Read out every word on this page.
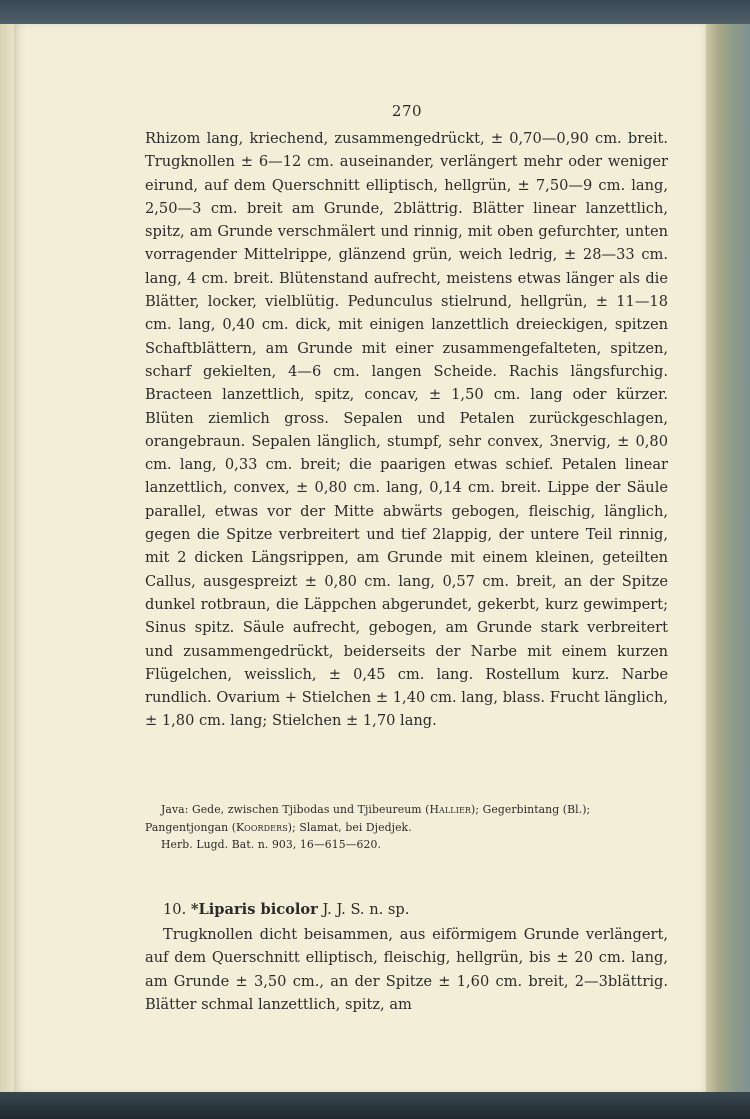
270

Rhizom lang, kriechend, zusammengedrückt, ± 0,70—0,90 cm. breit. Trugknollen ± 6—12 cm. auseinander, verlängert mehr oder weniger eirund, auf dem Querschnitt elliptisch, hellgrün, ± 7,50—9 cm. lang, 2,50—3 cm. breit am Grunde, 2blättrig. Blätter linear lanzettlich, spitz, am Grunde verschmälert und rinnig, mit oben gefurchter, unten vorragender Mittelrippe, glänzend grün, weich ledrig, ± 28—33 cm. lang, 4 cm. breit. Blütenstand aufrecht, meistens etwas länger als die Blätter, locker, vielblütig. Pedunculus stielrund, hellgrün, ± 11—18 cm. lang, 0,40 cm. dick, mit einigen lanzettlich dreieckigen, spitzen Schaftblättern, am Grunde mit einer zusammengefalteten, spitzen, scharf gekielten, 4—6 cm. langen Scheide. Rachis längsfurchig. Bracteen lanzettlich, spitz, concav, ± 1,50 cm. lang oder kürzer. Blüten ziemlich gross. Sepalen und Petalen zurückgeschlagen, orangebraun. Sepalen länglich, stumpf, sehr convex, 3nervig, ± 0,80 cm. lang, 0,33 cm. breit; die paarigen etwas schief. Petalen linear lanzettlich, convex, ± 0,80 cm. lang, 0,14 cm. breit. Lippe der Säule parallel, etwas vor der Mitte abwärts gebogen, fleischig, länglich, gegen die Spitze verbreitert und tief 2lappig, der untere Teil rinnig, mit 2 dicken Längsrippen, am Grunde mit einem kleinen, geteilten Callus, ausgespreizt ± 0,80 cm. lang, 0,57 cm. breit, an der Spitze dunkel rotbraun, die Läppchen abgerundet, gekerbt, kurz gewimpert; Sinus spitz. Säule aufrecht, gebogen, am Grunde stark verbreitert und zusammengedrückt, beiderseits der Narbe mit einem kurzen Flügelchen, weisslich, ± 0,45 cm. lang. Rostellum kurz. Narbe rundlich. Ovarium + Stielchen ± 1,40 cm. lang, blass. Frucht länglich, ± 1,80 cm. lang; Stielchen ± 1,70 lang.

Java: Gede, zwischen Tjibodas und Tjibeureum (Hallier); Gegerbintang (Bl.);

Pangentjongan (Koorders); Slamat, bei Djedjek.

Herb. Lugd. Bat. n. 903, 16—615—620.

10. *Liparis bicolor J. J. S. n. sp.

Trugknollen dicht beisammen, aus eiförmigem Grunde verlängert, auf dem Querschnitt elliptisch, fleischig, hellgrün, bis ± 20 cm. lang, am Grunde ± 3,50 cm., an der Spitze ± 1,60 cm. breit, 2—3blättrig. Blätter schmal lanzettlich, spitz, am
